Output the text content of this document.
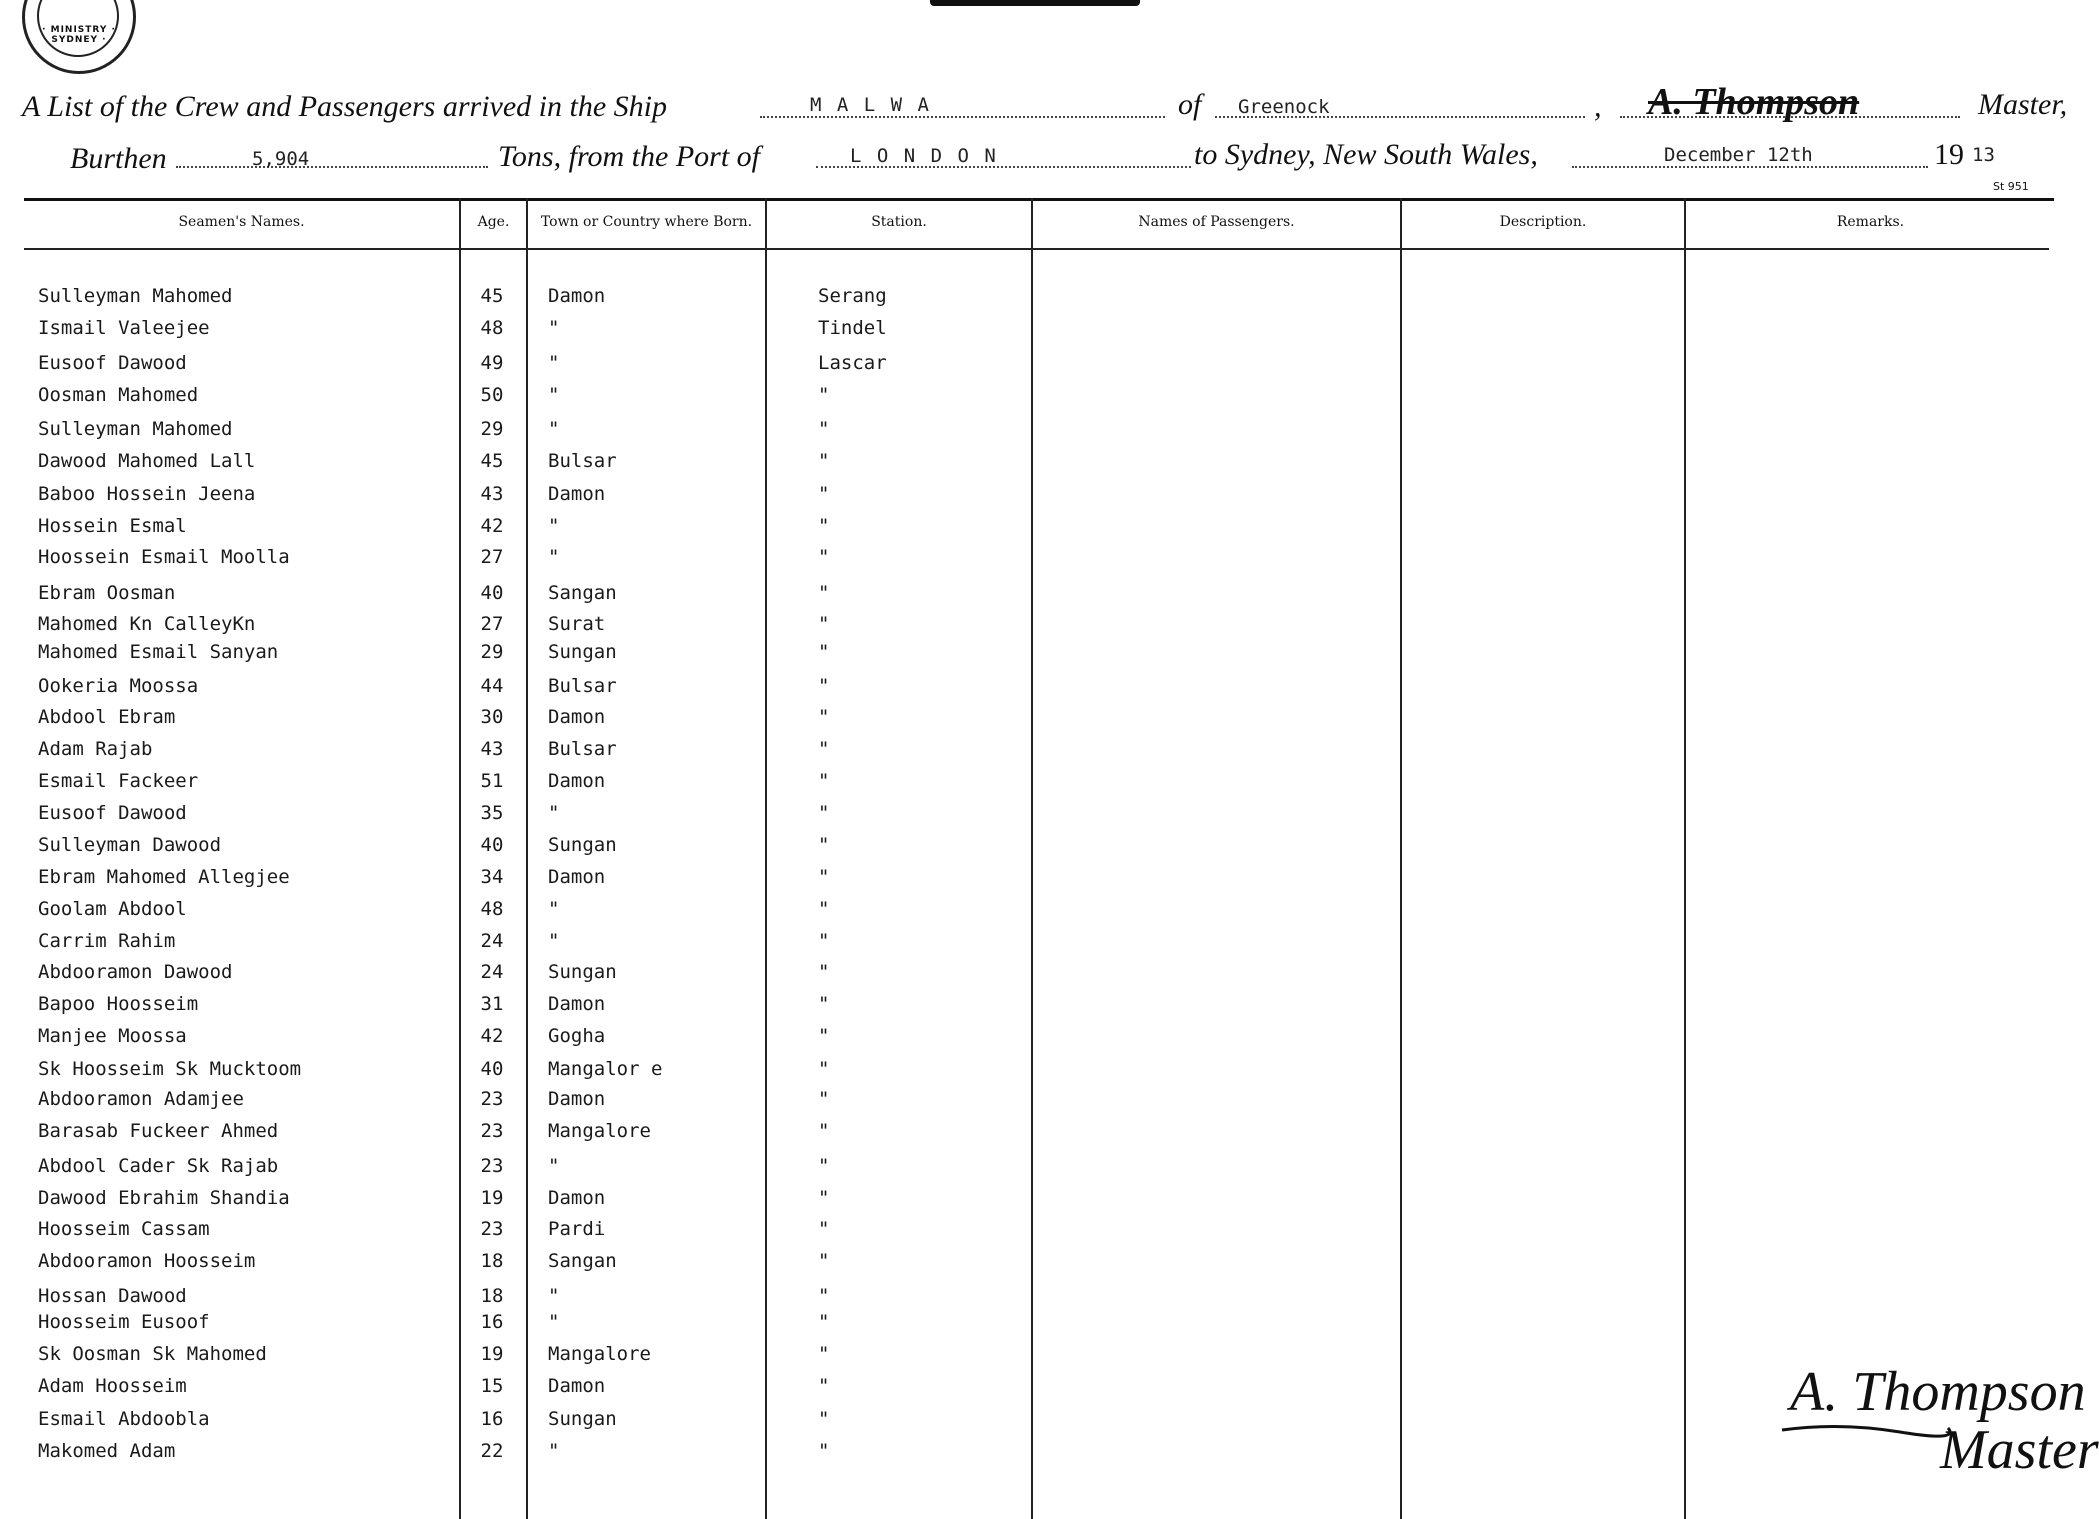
· MINISTRY · SYDNEY ·
A List of the Crew and Passengers arrived in the Ship	M A L W A	of Greenock	, A. Thompson	Master,
Burthen	5,904	Tons, from the Port of	L O N D O N	to Sydney, New South Wales,	December 12th	19 13
St 951
Seamen's Names.	Age.	Town or Country where Born.	Station.	Names of Passengers.	Description.	Remarks.
Sulleyman Mahomed	45	Damon	Serang
Ismail Valeejee	48	"	Tindel
Eusoof Dawood	49	"	Lascar
Oosman Mahomed	50	"	"
Sulleyman Mahomed	29	"	"
Dawood Mahomed Lall	45	Bulsar	"
Baboo Hossein Jeena	43	Damon	"
Hossein Esmal	42	"	"
Hoossein Esmail Moolla	27	"	"
Ebram Oosman	40	Sangan	"
Mahomed Kn CalleyKn	27	Surat	"
Mahomed Esmail Sanyan	29	Sungan	"
Ookeria Moossa	44	Bulsar	"
Abdool Ebram	30	Damon	"
Adam Rajab	43	Bulsar	"
Esmail Fackeer	51	Damon	"
Eusoof Dawood	35	"	"
Sulleyman Dawood	40	Sungan	"
Ebram Mahomed Allegjee	34	Damon	"
Goolam Abdool	48	"	"
Carrim Rahim	24	"	"
Abdooramon Dawood	24	Sungan	"
Bapoo Hoosseim	31	Damon	"
Manjee Moossa	42	Gogha	"
Sk Hoosseim Sk Mucktoom	40	Mangalor e	"
Abdooramon Adamjee	23	Damon	"
Barasab Fuckeer Ahmed	23	Mangalore	"
Abdool Cader Sk Rajab	23	"	"
Dawood Ebrahim Shandia	19	Damon	"
Hoosseim Cassam	23	Pardi	"
Abdooramon Hoosseim	18	Sangan	"
Hossan Dawood	18	"	"
Hoosseim Eusoof	16	"	"
Sk Oosman Sk Mahomed	19	Mangalore	"
Adam Hoosseim	15	Damon	"
Esmail Abdoobla	16	Sungan	"
Makomed Adam	22	"	"
A. Thompson
Master
